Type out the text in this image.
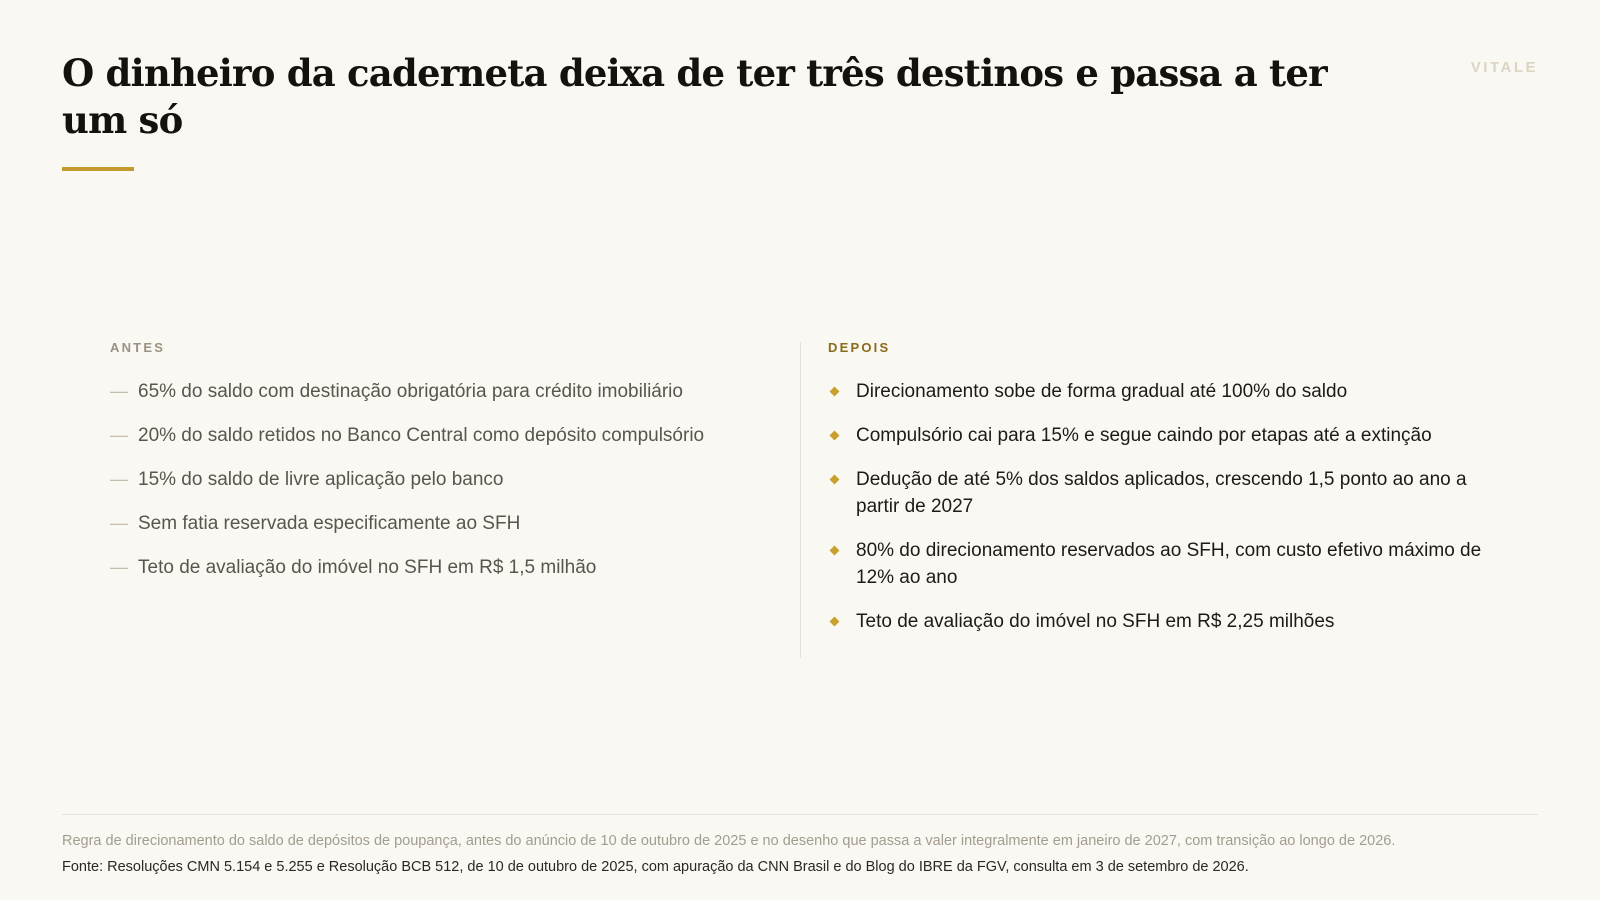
VITALE
O dinheiro da caderneta deixa de ter três destinos e passa a ter um só
ANTES
— 65% do saldo com destinação obrigatória para crédito imobiliário
— 20% do saldo retidos no Banco Central como depósito compulsório
— 15% do saldo de livre aplicação pelo banco
— Sem fatia reservada especificamente ao SFH
— Teto de avaliação do imóvel no SFH em R$ 1,5 milhão
DEPOIS
Direcionamento sobe de forma gradual até 100% do saldo
Compulsório cai para 15% e segue caindo por etapas até a extinção
Dedução de até 5% dos saldos aplicados, crescendo 1,5 ponto ao ano a partir de 2027
80% do direcionamento reservados ao SFH, com custo efetivo máximo de 12% ao ano
Teto de avaliação do imóvel no SFH em R$ 2,25 milhões

Regra de direcionamento do saldo de depósitos de poupança, antes do anúncio de 10 de outubro de 2025 e no desenho que passa a valer integralmente em janeiro de 2027, com transição ao longo de 2026.

Fonte: Resoluções CMN 5.154 e 5.255 e Resolução BCB 512, de 10 de outubro de 2025, com apuração da CNN Brasil e do Blog do IBRE da FGV, consulta em 3 de setembro de 2026.
